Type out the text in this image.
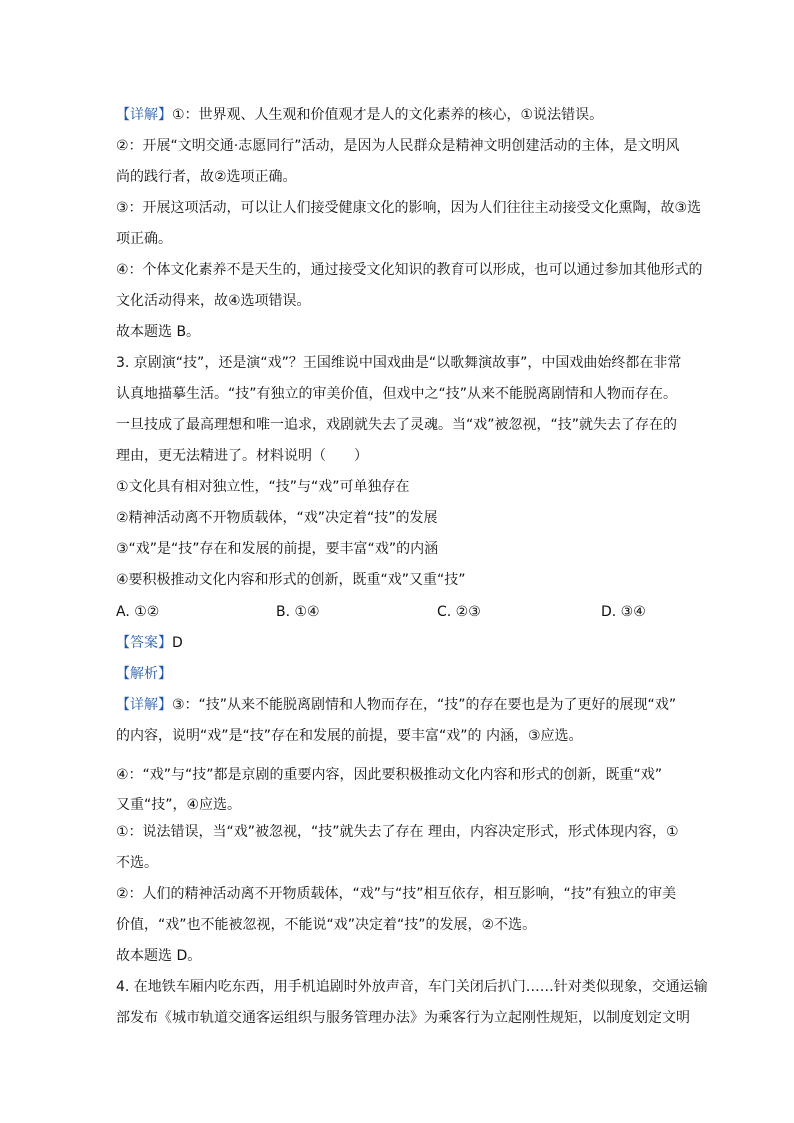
【详解】①：世界观、人生观和价值观才是人的文化素养的核心，①说法错误。
②：开展“文明交通·志愿同行”活动，是因为人民群众是精神文明创建活动的主体，是文明风
尚的践行者，故②选项正确。
③：开展这项活动，可以让人们接受健康文化的影响，因为人们往往主动接受文化熏陶，故③选
项正确。
④：个体文化素养不是天生的，通过接受文化知识的教育可以形成，也可以通过参加其他形式的
文化活动得来，故④选项错误。
故本题选 B。
3. 京剧演“技”，还是演“戏”？王国维说中国戏曲是“以歌舞演故事”，中国戏曲始终都在非常
认真地描摹生活。“技”有独立的审美价值，但戏中之“技”从来不能脱离剧情和人物而存在。
一旦技成了最高理想和唯一追求，戏剧就失去了灵魂。当“戏”被忽视，“技”就失去了存在的
理由，更无法精进了。材料说明（　　）
①文化具有相对独立性，“技”与“戏”可单独存在
②精神活动离不开物质载体，“戏”决定着“技”的发展
③“戏”是“技”存在和发展的前提，要丰富“戏”的内涵
④要积极推动文化内容和形式的创新，既重“戏”又重“技”
A. ①②	B. ①④	C. ②③	D. ③④
【答案】D
【解析】
【详解】③：“技”从来不能脱离剧情和人物而存在，“技”的存在要也是为了更好的展现“戏”
的内容，说明“戏”是“技”存在和发展的前提，要丰富“戏”的 内涵，③应选。
④：“戏”与“技”都是京剧的重要内容，因此要积极推动文化内容和形式的创新，既重“戏”
又重“技”，④应选。
①：说法错误，当“戏”被忽视，“技”就失去了存在 理由，内容决定形式，形式体现内容，①
不选。
②：人们的精神活动离不开物质载体，“戏”与“技”相互依存，相互影响，“技”有独立的审美
价值，“戏”也不能被忽视，不能说“戏”决定着“技”的发展，②不选。
故本题选 D。
4. 在地铁车厢内吃东西，用手机追剧时外放声音，车门关闭后扒门……针对类似现象，交通运输
部发布《城市轨道交通客运组织与服务管理办法》为乘客行为立起刚性规矩，以制度划定文明
